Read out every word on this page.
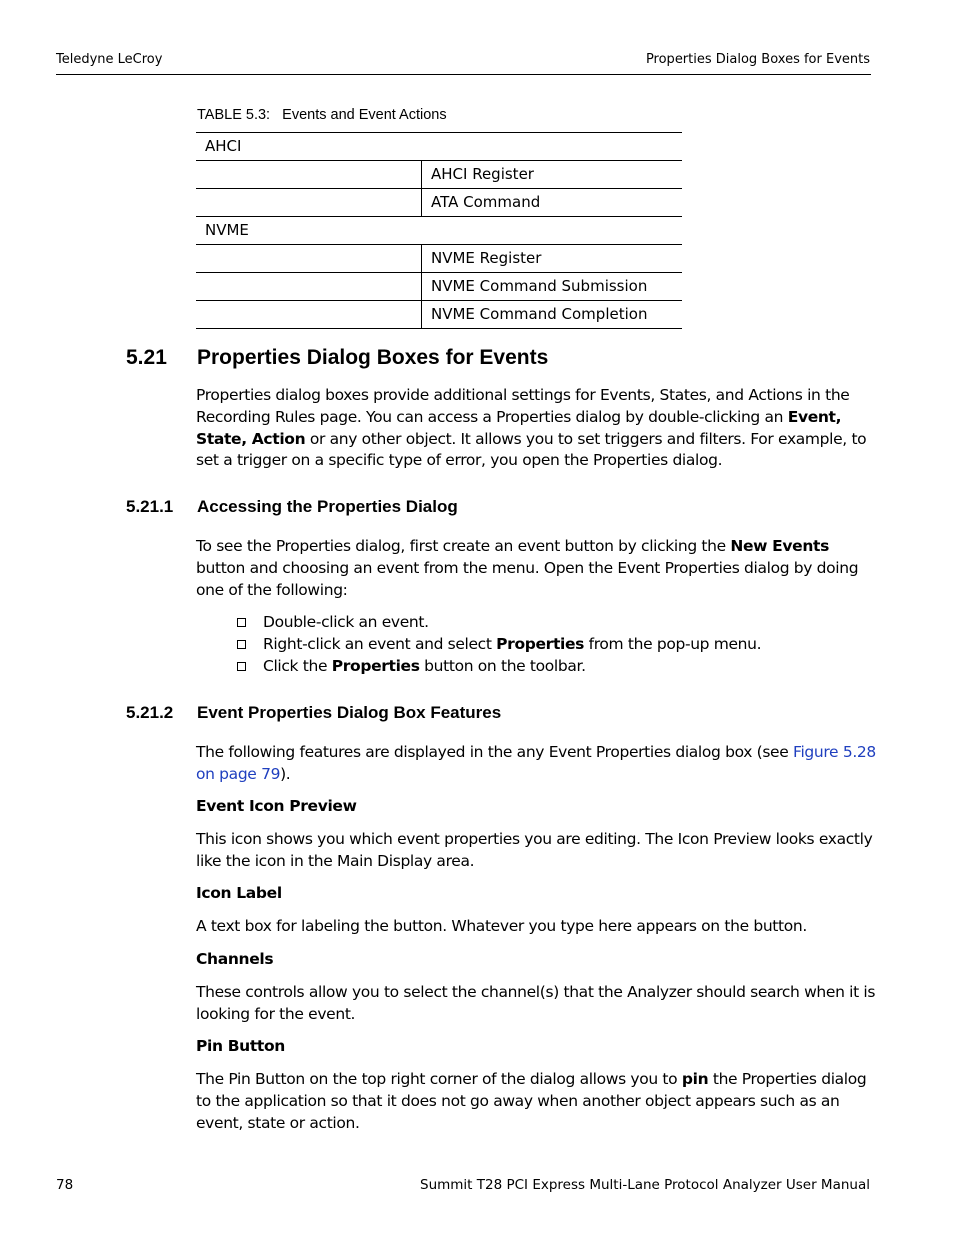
Teledyne LeCroy	Properties Dialog Boxes for Events
TABLE 5.3:   Events and Event Actions
AHCI	
	AHCI Register
	ATA Command
NVME	
	NVME Register
	NVME Command Submission
	NVME Command Completion
5.21 Properties Dialog Boxes for Events

Properties dialog boxes provide additional settings for Events, States, and Actions in the Recording Rules page. You can access a Properties dialog by double-clicking an Event, State, Action or any other object. It allows you to set triggers and filters. For example, to set a trigger on a specific type of error, you open the Properties dialog.

5.21.1 Accessing the Properties Dialog

To see the Properties dialog, first create an event button by clicking the New Events button and choosing an event from the menu. Open the Event Properties dialog by doing one of the following:

Double-click an event.
Right-click an event and select Properties from the pop-up menu.
Click the Properties button on the toolbar.
5.21.2 Event Properties Dialog Box Features

The following features are displayed in the any Event Properties dialog box (see Figure 5.28 on page 79).

Event Icon Preview

This icon shows you which event properties you are editing. The Icon Preview looks exactly like the icon in the Main Display area.

Icon Label

A text box for labeling the button. Whatever you type here appears on the button.

Channels

These controls allow you to select the channel(s) that the Analyzer should search when it is looking for the event.

Pin Button

The Pin Button on the top right corner of the dialog allows you to pin the Properties dialog to the application so that it does not go away when another object appears such as an event, state or action.

78	Summit T28 PCI Express Multi-Lane Protocol Analyzer User Manual
